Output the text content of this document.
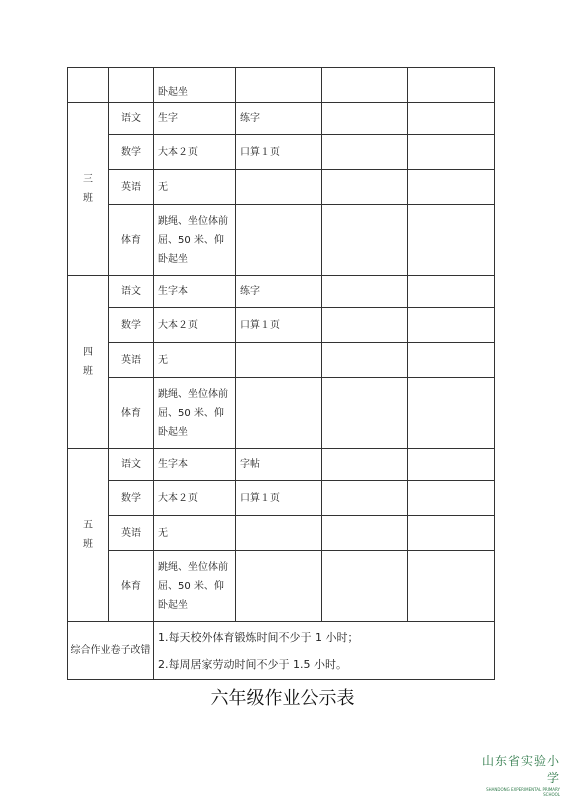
		卧起坐			

三
班	语文	生字	练字		
	数学	大本２页	口算１页		
	英语	无			

	体育	跳绳、坐位体前
屈、50 米、仰
卧起坐			

四
班	语文	生字本	练字		
	数学	大本２页	口算１页		
	英语	无			

	体育	跳绳、坐位体前
屈、50 米、仰
卧起坐			

五
班	语文	生字本	字帖		
	数学	大本２页	口算１页		
	英语	无			

	体育	跳绳、坐位体前
屈、50 米、仰
卧起坐			

综合作业卷子改错		1.每天校外体育锻炼时间不少于 1 小时；
2.每周居家劳动时间不少于 1.5 小时。			
六年级作业公示表
山东省实验小学
SHANDONG EXPERIMENTAL PRIMARY SCHOOL
